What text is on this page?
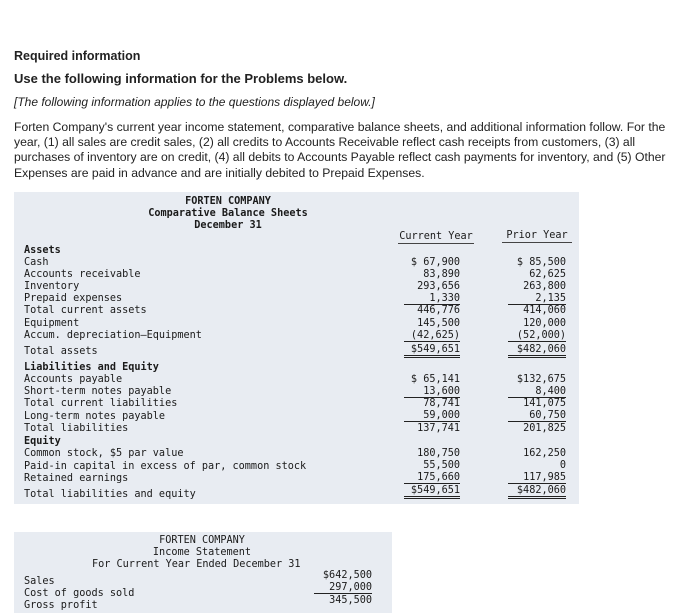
Required information
Use the following information for the Problems below.
[The following information applies to the questions displayed below.]
Forten Company's current year income statement, comparative balance sheets, and additional information follow. For the year, (1) all sales are credit sales, (2) all credits to Accounts Receivable reflect cash receipts from customers, (3) all purchases of inventory are on credit, (4) all debits to Accounts Payable reflect cash payments for inventory, and (5) Other Expenses are paid in advance and are initially debited to Prepaid Expenses.
FORTEN COMPANY
Comparative Balance Sheets
December 31
Current Year	Prior Year
Assets
Cash
Accounts receivable
Inventory
Prepaid expenses
Total current assets
Equipment
Accum. depreciation—Equipment
Total assets
Liabilities and Equity
Accounts payable
Short-term notes payable
Total current liabilities
Long-term notes payable
Total liabilities
Equity
Common stock, $5 par value
Paid-in capital in excess of par, common stock
Retained earnings
Total liabilities and equity
$ 67,900
83,890
293,656
1,330
446,776
145,500
(42,625)
$549,651
$ 65,141
13,600
78,741
59,000
137,741
180,750
55,500
175,660
$549,651
$ 85,500
62,625
263,800
2,135
414,060
120,000
(52,000)
$482,060
$132,675
8,400
141,075
60,750
201,825
162,250
0
117,985
$482,060
FORTEN COMPANY
Income Statement
For Current Year Ended December 31
Sales
Cost of goods sold
Gross profit
$642,500
297,000
345,500
